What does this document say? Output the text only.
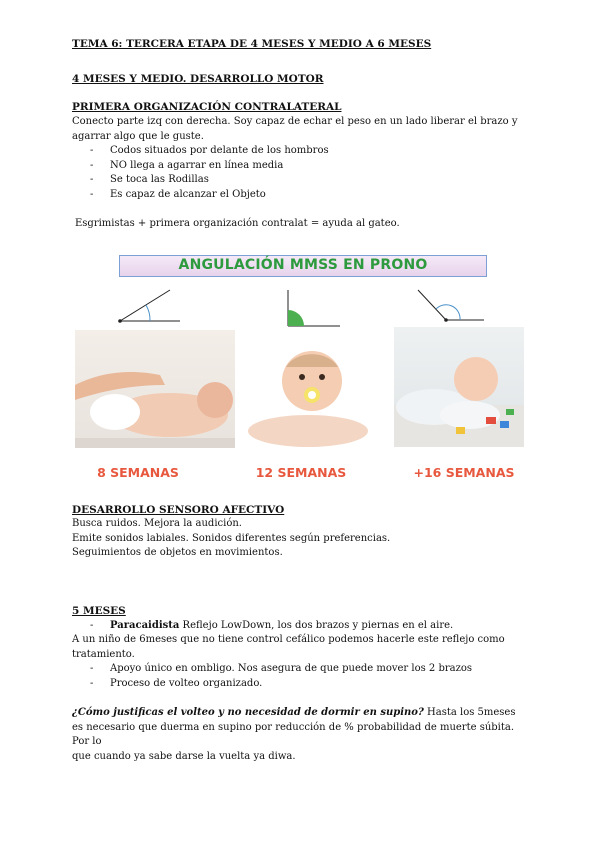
TEMA 6: TERCERA ETAPA DE 4 MESES Y MEDIO A 6 MESES
4 MESES Y MEDIO. DESARROLLO MOTOR
PRIMERA ORGANIZACIÓN CONTRALATERAL
Conecto parte izq con derecha. Soy capaz de echar el peso en un lado liberar el brazo y
agarrar algo que le guste.
- Codos situados por delante de los hombros
- NO llega a agarrar en línea media
- Se toca las Rodillas
- Es capaz de alcanzar el Objeto
Esgrimistas + primera organización contralat = ayuda al gateo.
ANGULACIÓN MMSS EN PRONO
8 SEMANAS	12 SEMANAS	+16 SEMANAS
DESARROLLO SENSORO AFECTIVO
Busca ruidos. Mejora la audición.
Emite sonidos labiales. Sonidos diferentes según preferencias.
Seguimientos de objetos en movimientos.
5 MESES
- Paracaidista Reflejo LowDown, los dos brazos y piernas en el aire.
A un niño de 6meses que no tiene control cefálico podemos hacerle este reflejo como
tratamiento.
- Apoyo único en ombligo. Nos asegura de que puede mover los 2 brazos
- Proceso de volteo organizado.
¿Cómo justificas el volteo y no necesidad de dormir en supino? Hasta los 5meses
es necesario que duerma en supino por reducción de % probabilidad de muerte súbita. Por lo
que cuando ya sabe darse la vuelta ya diwa.
